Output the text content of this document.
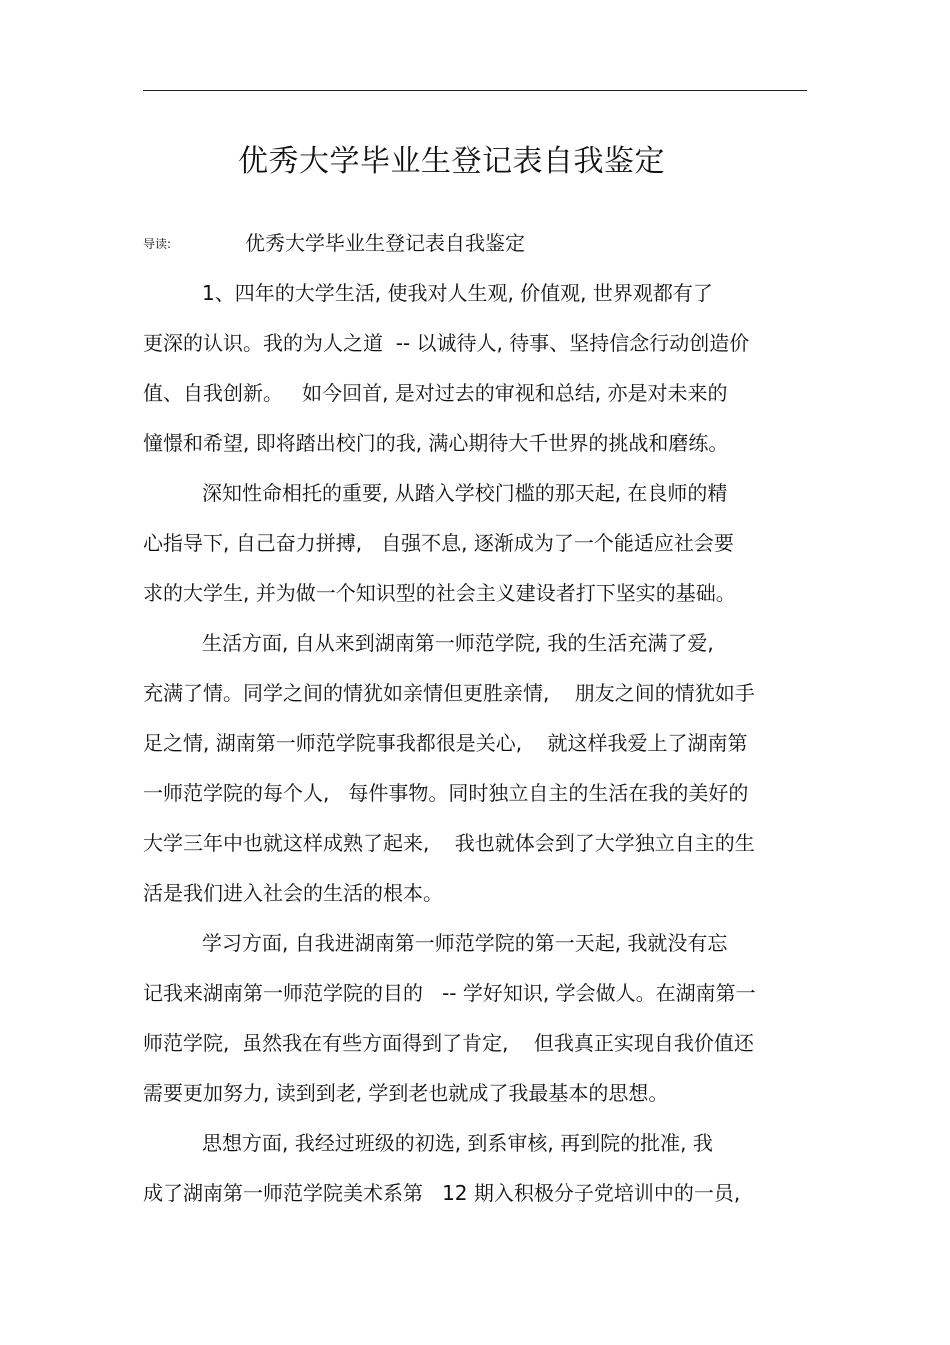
优秀大学毕业生登记表自我鉴定
导读:	优秀大学毕业生登记表自我鉴定
1、四年的大学生活, 使我对人生观, 价值观, 世界观都有了
更深的认识。我的为人之道  -- 以诚待人, 待事、坚持信念行动创造价
值、自我创新。   如今回首, 是对过去的审视和总结, 亦是对未来的
憧憬和希望, 即将踏出校门的我, 满心期待大千世界的挑战和磨练。
深知性命相托的重要, 从踏入学校门槛的那天起, 在良师的精
心指导下, 自己奋力拼搏,   自强不息, 逐渐成为了一个能适应社会要
求的大学生, 并为做一个知识型的社会主义建设者打下坚实的基础。
生活方面, 自从来到湖南第一师范学院, 我的生活充满了爱,
充满了情。同学之间的情犹如亲情但更胜亲情,    朋友之间的情犹如手
足之情, 湖南第一师范学院事我都很是关心,    就这样我爱上了湖南第
一师范学院的每个人,   每件事物。同时独立自主的生活在我的美好的
大学三年中也就这样成熟了起来,    我也就体会到了大学独立自主的生
活是我们进入社会的生活的根本。
学习方面, 自我进湖南第一师范学院的第一天起, 我就没有忘
记我来湖南第一师范学院的目的   -- 学好知识, 学会做人。在湖南第一
师范学院,  虽然我在有些方面得到了肯定,    但我真正实现自我价值还
需要更加努力, 读到到老, 学到老也就成了我最基本的思想。
思想方面, 我经过班级的初选, 到系审核, 再到院的批准, 我
成了湖南第一师范学院美术系第   12 期入积极分子党培训中的一员,
